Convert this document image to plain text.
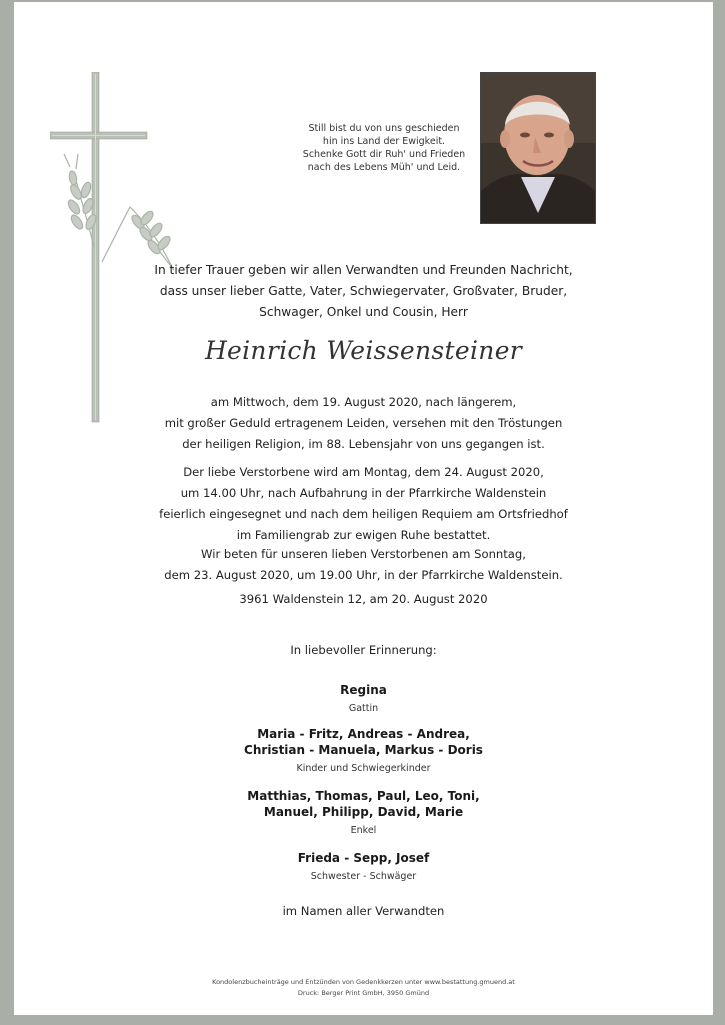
Still bist du von uns geschieden
hin ins Land der Ewigkeit.
Schenke Gott dir Ruh' und Frieden
nach des Lebens Müh' und Leid.
In tiefer Trauer geben wir allen Verwandten und Freunden Nachricht,
dass unser lieber Gatte, Vater, Schwiegervater, Großvater, Bruder,
Schwager, Onkel und Cousin, Herr
Heinrich Weissensteiner
am Mittwoch, dem 19. August 2020, nach längerem,
mit großer Geduld ertragenem Leiden, versehen mit den Tröstungen
der heiligen Religion, im 88. Lebensjahr von uns gegangen ist.
Der liebe Verstorbene wird am Montag, dem 24. August 2020,
um 14.00 Uhr, nach Aufbahrung in der Pfarrkirche Waldenstein
feierlich eingesegnet und nach dem heiligen Requiem am Ortsfriedhof
im Familiengrab zur ewigen Ruhe bestattet.
Wir beten für unseren lieben Verstorbenen am Sonntag,
dem 23. August 2020, um 19.00 Uhr, in der Pfarrkirche Waldenstein.
3961 Waldenstein 12, am 20. August 2020
In liebevoller Erinnerung:
Regina
Gattin
Maria - Fritz, Andreas - Andrea,
Christian - Manuela, Markus - Doris
Kinder und Schwiegerkinder
Matthias, Thomas, Paul, Leo, Toni,
Manuel, Philipp, David, Marie
Enkel
Frieda - Sepp, Josef
Schwester - Schwäger
im Namen aller Verwandten
Kondolenzbucheinträge und Entzünden von Gedenkkerzen unter www.bestattung.gmuend.at
Druck: Berger Print GmbH, 3950 Gmünd
